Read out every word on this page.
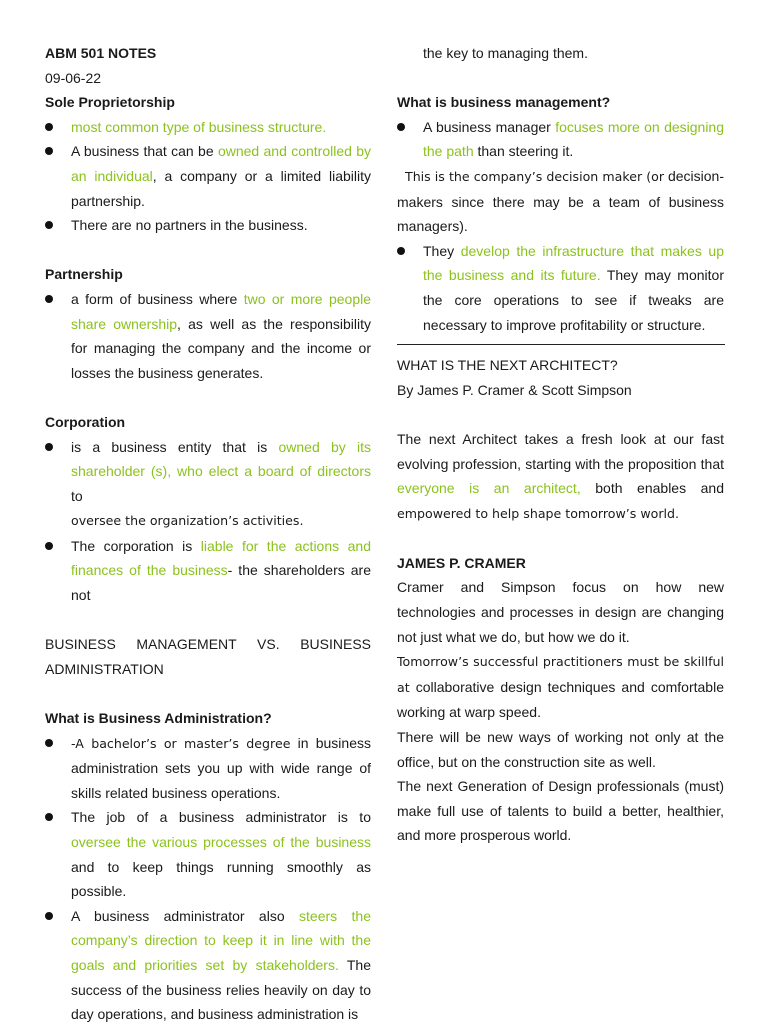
ABM 501 NOTES

09-06-22

Sole Proprietorship

most common type of business structure.
A business that can be owned and controlled by an individual, a company or a limited liability partnership.
There are no partners in the business.

Partnership

a form of business where two or more people share ownership, as well as the responsibility for managing the company and the income or losses the business generates.

Corporation

is a business entity that is owned by its shareholder (s), who elect a board of directors to
oversee the organization’s activities.
The corporation is liable for the actions and finances of the business- the shareholders are not

BUSINESS MANAGEMENT VS. BUSINESS ADMINISTRATION

What is Business Administration?

-A bachelor’s or master’s degree in business administration sets you up with wide range of skills related business operations.
The job of a business administrator is to oversee the various processes of the business and to keep things running smoothly as possible.
A business administrator also steers the company’s direction to keep it in line with the goals and priorities set by stakeholders. The success of the business relies heavily on day to day operations, and business administration is

the key to managing them.

What is business management?

A business manager focuses more on designing the path than steering it.

This is the company’s decision maker (or decision-makers since there may be a team of business managers).

They develop the infrastructure that makes up the business and its future. They may monitor the core operations to see if tweaks are necessary to improve profitability or structure.

WHAT IS THE NEXT ARCHITECT?

By James P. Cramer & Scott Simpson

The next Architect takes a fresh look at our fast evolving profession, starting with the proposition that everyone is an architect, both enables and empowered to help shape tomorrow’s world.

JAMES P. CRAMER

Cramer and Simpson focus on how new technologies and processes in design are changing not just what we do, but how we do it.

Tomorrow’s successful practitioners must be skillful at collaborative design techniques and comfortable working at warp speed.

There will be new ways of working not only at the office, but on the construction site as well.

The next Generation of Design professionals (must) make full use of talents to build a better, healthier, and more prosperous world.
